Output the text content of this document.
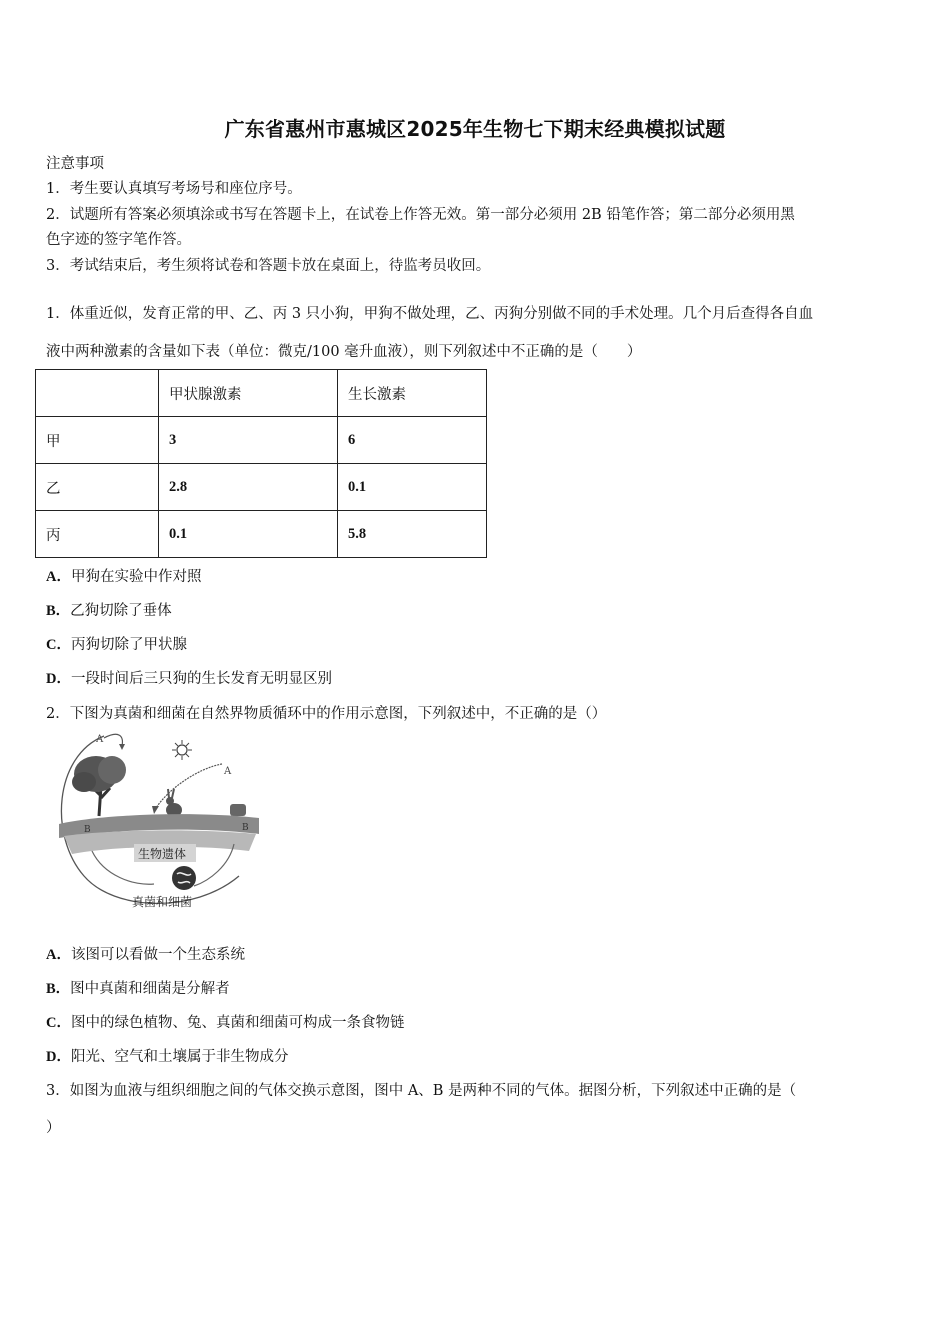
广东省惠州市惠城区2025年生物七下期末经典模拟试题
注意事项
1．考生要认真填写考场号和座位序号。
2．试题所有答案必须填涂或书写在答题卡上，在试卷上作答无效。第一部分必须用 2B 铅笔作答；第二部分必须用黑
色字迹的签字笔作答。
3．考试结束后，考生须将试卷和答题卡放在桌面上，待监考员收回。
1．体重近似，发育正常的甲、乙、丙 3 只小狗，甲狗不做处理，乙、丙狗分别做不同的手术处理。几个月后查得各自血
液中两种激素的含量如下表（单位：微克/100 毫升血液），则下列叙述中不正确的是（　　）
	甲状腺激素	生长激素
甲	3	6
乙	2.8	0.1
丙	0.1	5.8
A．甲狗在实验中作对照
B．乙狗切除了垂体
C．丙狗切除了甲状腺
D．一段时间后三只狗的生长发育无明显区别
2．下图为真菌和细菌在自然界物质循环中的作用示意图，下列叙述中，不正确的是（）
A
A
B	B
生物遗体
真菌和细菌
A．该图可以看做一个生态系统
B．图中真菌和细菌是分解者
C．图中的绿色植物、兔、真菌和细菌可构成一条食物链
D．阳光、空气和土壤属于非生物成分
3．如图为血液与组织细胞之间的气体交换示意图，图中 A、B 是两种不同的气体。据图分析，下列叙述中正确的是（
）
